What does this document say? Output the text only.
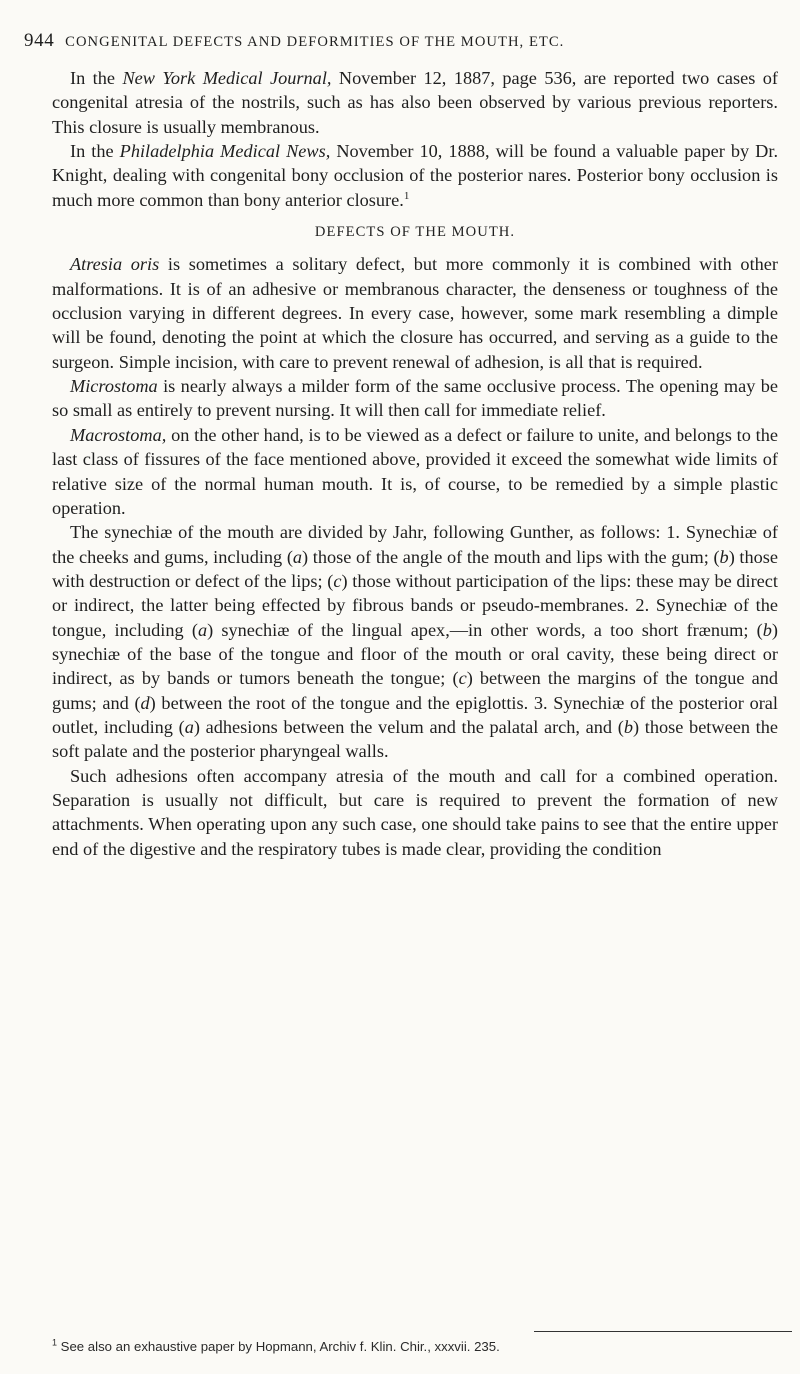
944 CONGENITAL DEFECTS AND DEFORMITIES OF THE MOUTH, ETC.

In the New York Medical Journal, November 12, 1887, page 536, are reported two cases of congenital atresia of the nostrils, such as has also been observed by various previous reporters. This closure is usually membranous.

In the Philadelphia Medical News, November 10, 1888, will be found a valuable paper by Dr. Knight, dealing with congenital bony occlusion of the posterior nares. Posterior bony occlusion is much more common than bony anterior closure.$^1$

DEFECTS OF THE MOUTH.

Atresia oris is sometimes a solitary defect, but more commonly it is combined with other malformations. It is of an adhesive or membranous character, the denseness or toughness of the occlusion varying in different degrees. In every case, however, some mark resembling a dimple will be found, denoting the point at which the closure has occurred, and serving as a guide to the surgeon. Simple incision, with care to prevent renewal of adhesion, is all that is required.

Microstoma is nearly always a milder form of the same occlusive process. The opening may be so small as entirely to prevent nursing. It will then call for immediate relief.

Macrostoma, on the other hand, is to be viewed as a defect or failure to unite, and belongs to the last class of fissures of the face mentioned above, provided it exceed the somewhat wide limits of relative size of the normal human mouth. It is, of course, to be remedied by a simple plastic operation.

The synechiæ of the mouth are divided by Jahr, following Gunther, as follows: 1. Synechiæ of the cheeks and gums, including (a) those of the angle of the mouth and lips with the gum; (b) those with destruction or defect of the lips; (c) those without participation of the lips: these may be direct or indirect, the latter being effected by fibrous bands or pseudo-membranes. 2. Synechiæ of the tongue, including (a) synechiæ of the lingual apex,—in other words, a too short frænum; (b) synechiæ of the base of the tongue and floor of the mouth or oral cavity, these being direct or indirect, as by bands or tumors beneath the tongue; (c) between the margins of the tongue and gums; and (d) between the root of the tongue and the epiglottis. 3. Synechiæ of the posterior oral outlet, including (a) adhesions between the velum and the palatal arch, and (b) those between the soft palate and the posterior pharyngeal walls.

Such adhesions often accompany atresia of the mouth and call for a combined operation. Separation is usually not difficult, but care is required to prevent the formation of new attachments. When operating upon any such case, one should take pains to see that the entire upper end of the digestive and the respiratory tubes is made clear, providing the condition

$^1$ See also an exhaustive paper by Hopmann, Archiv f. Klin. Chir., xxxvii. 235.
